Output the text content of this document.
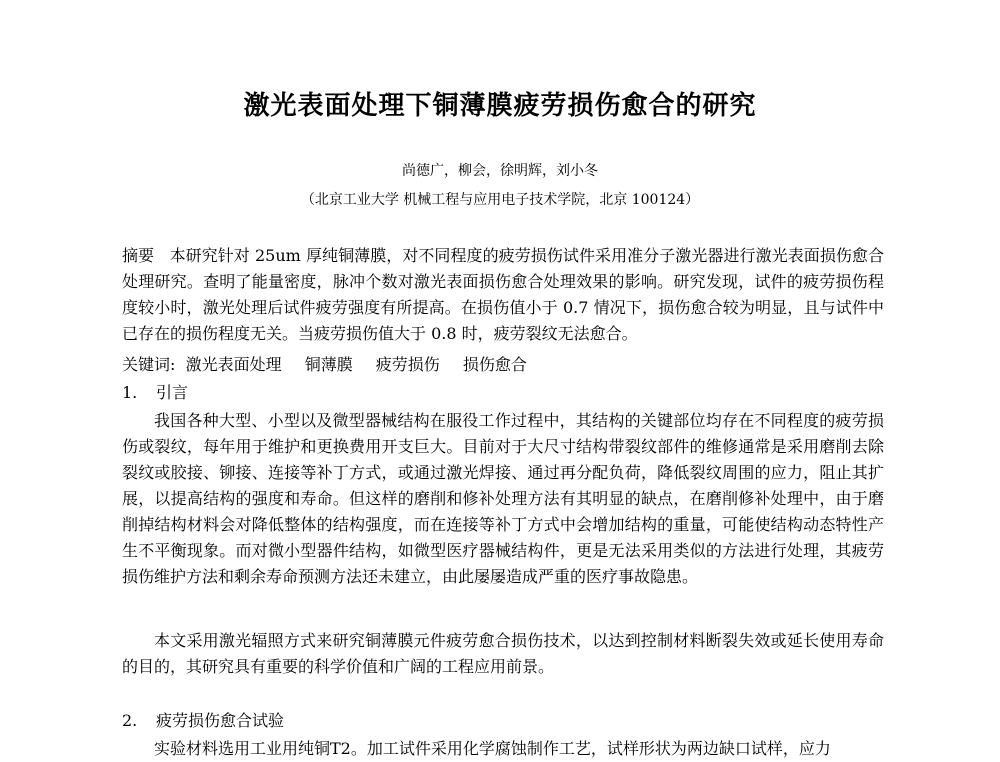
激光表面处理下铜薄膜疲劳损伤愈合的研究
尚德广，柳会，徐明辉，刘小冬
（北京工业大学 机械工程与应用电子技术学院，北京 100124）
摘要 本研究针对 25um 厚纯铜薄膜，对不同程度的疲劳损伤试件采用准分子激光器进行激光表面损伤愈合处理研究。查明了能量密度，脉冲个数对激光表面损伤愈合处理效果的影响。研究发现，试件的疲劳损伤程度较小时，激光处理后试件疲劳强度有所提高。在损伤值小于 0.7 情况下，损伤愈合较为明显，且与试件中已存在的损伤程度无关。当疲劳损伤值大于 0.8 时，疲劳裂纹无法愈合。
关键词: 激光表面处理 铜薄膜 疲劳损伤 损伤愈合
1. 引言
我国各种大型、小型以及微型器械结构在服役工作过程中，其结构的关键部位均存在不同程度的疲劳损伤或裂纹，每年用于维护和更换费用开支巨大。目前对于大尺寸结构带裂纹部件的维修通常是采用磨削去除裂纹或胶接、铆接、连接等补丁方式，或通过激光焊接、通过再分配负荷，降低裂纹周围的应力，阻止其扩展，以提高结构的强度和寿命。但这样的磨削和修补处理方法有其明显的缺点，在磨削修补处理中，由于磨削掉结构材料会对降低整体的结构强度，而在连接等补丁方式中会增加结构的重量，可能使结构动态特性产生不平衡现象。而对微小型器件结构，如微型医疗器械结构件，更是无法采用类似的方法进行处理，其疲劳损伤维护方法和剩余寿命预测方法还未建立，由此屡屡造成严重的医疗事故隐患。
本文采用激光辐照方式来研究铜薄膜元件疲劳愈合损伤技术，以达到控制材料断裂失效或延长使用寿命的目的，其研究具有重要的科学价值和广阔的工程应用前景。
2. 疲劳损伤愈合试验
实验材料选用工业用纯铜T2。加工试件采用化学腐蚀制作工艺，试样形状为两边缺口试样，应力
